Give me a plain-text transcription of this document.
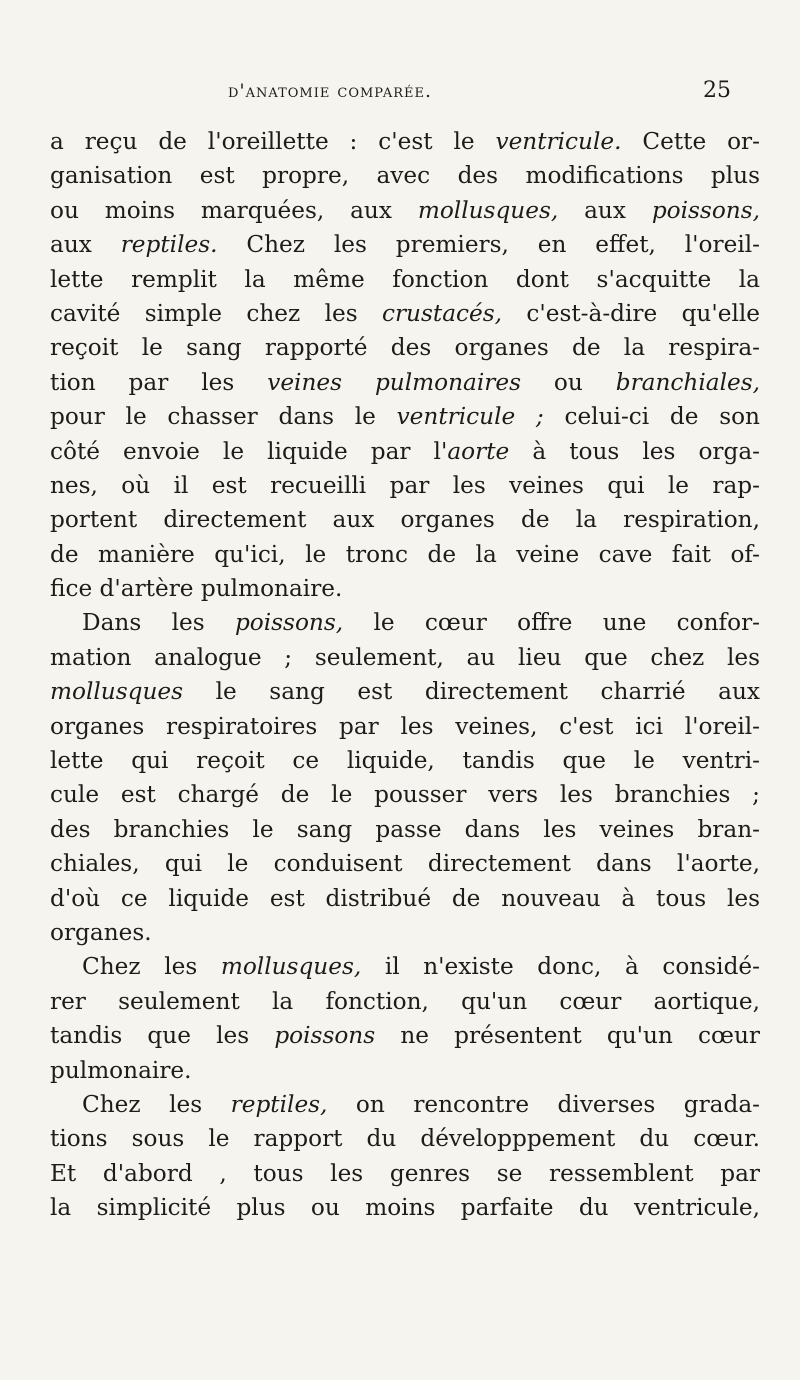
d'anatomie comparée.	25
a reçu de l'oreillette : c'est le ventricule. Cette or-
ganisation est propre, avec des modifications plus
ou moins marquées, aux mollusques, aux poissons,
aux reptiles. Chez les premiers, en effet, l'oreil-
lette remplit la même fonction dont s'acquitte la
cavité simple chez les crustacés, c'est-à-dire qu'elle
reçoit le sang rapporté des organes de la respira-
tion par les veines pulmonaires ou branchiales,
pour le chasser dans le ventricule ; celui-ci de son
côté envoie le liquide par l'aorte à tous les orga-
nes, où il est recueilli par les veines qui le rap-
portent directement aux organes de la respiration,
de manière qu'ici, le tronc de la veine cave fait of-
fice d'artère pulmonaire.
Dans les poissons, le cœur offre une confor-
mation analogue ; seulement, au lieu que chez les
mollusques le sang est directement charrié aux
organes respiratoires par les veines, c'est ici l'oreil-
lette qui reçoit ce liquide, tandis que le ventri-
cule est chargé de le pousser vers les branchies ;
des branchies le sang passe dans les veines bran-
chiales, qui le conduisent directement dans l'aorte,
d'où ce liquide est distribué de nouveau à tous les
organes.
Chez les mollusques, il n'existe donc, à considé-
rer seulement la fonction, qu'un cœur aortique,
tandis que les poissons ne présentent qu'un cœur
pulmonaire.
Chez les reptiles, on rencontre diverses grada-
tions sous le rapport du développpement du cœur.
Et d'abord , tous les genres se ressemblent par
la simplicité plus ou moins parfaite du ventricule,
